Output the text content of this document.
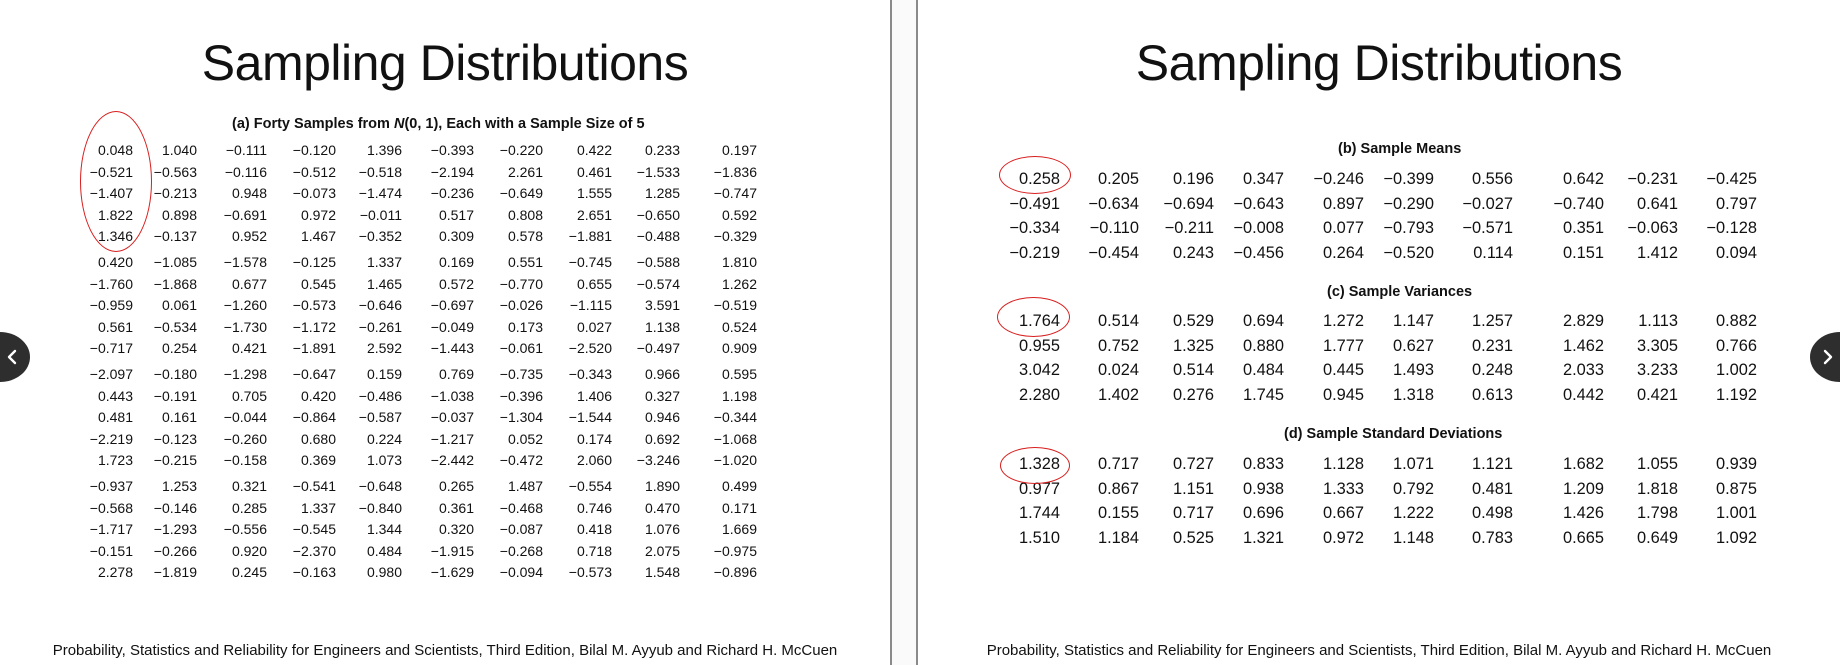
Sampling Distributions
(a) Forty Samples from N(0, 1), Each with a Sample Size of 5
0.048	1.040	−0.111	−0.120	1.396	−0.393	−0.220	0.422	0.233	0.197
−0.521	−0.563	−0.116	−0.512	−0.518	−2.194	2.261	0.461	−1.533	−1.836
−1.407	−0.213	0.948	−0.073	−1.474	−0.236	−0.649	1.555	1.285	−0.747
1.822	0.898	−0.691	0.972	−0.011	0.517	0.808	2.651	−0.650	0.592
1.346	−0.137	0.952	1.467	−0.352	0.309	0.578	−1.881	−0.488	−0.329
0.420	−1.085	−1.578	−0.125	1.337	0.169	0.551	−0.745	−0.588	1.810
−1.760	−1.868	0.677	0.545	1.465	0.572	−0.770	0.655	−0.574	1.262
−0.959	0.061	−1.260	−0.573	−0.646	−0.697	−0.026	−1.115	3.591	−0.519
0.561	−0.534	−1.730	−1.172	−0.261	−0.049	0.173	0.027	1.138	0.524
−0.717	0.254	0.421	−1.891	2.592	−1.443	−0.061	−2.520	−0.497	0.909
−2.097	−0.180	−1.298	−0.647	0.159	0.769	−0.735	−0.343	0.966	0.595
0.443	−0.191	0.705	0.420	−0.486	−1.038	−0.396	1.406	0.327	1.198
0.481	0.161	−0.044	−0.864	−0.587	−0.037	−1.304	−1.544	0.946	−0.344
−2.219	−0.123	−0.260	0.680	0.224	−1.217	0.052	0.174	0.692	−1.068
1.723	−0.215	−0.158	0.369	1.073	−2.442	−0.472	2.060	−3.246	−1.020
−0.937	1.253	0.321	−0.541	−0.648	0.265	1.487	−0.554	1.890	0.499
−0.568	−0.146	0.285	1.337	−0.840	0.361	−0.468	0.746	0.470	0.171
−1.717	−1.293	−0.556	−0.545	1.344	0.320	−0.087	0.418	1.076	1.669
−0.151	−0.266	0.920	−2.370	0.484	−1.915	−0.268	0.718	2.075	−0.975
2.278	−1.819	0.245	−0.163	0.980	−1.629	−0.094	−0.573	1.548	−0.896
Probability, Statistics and Reliability for Engineers and Scientists, Third Edition, Bilal M. Ayyub and Richard H. McCuen
Sampling Distributions
(b) Sample Means
0.258	0.205	0.196	0.347	−0.246	−0.399	0.556	0.642	−0.231	−0.425
−0.491	−0.634	−0.694	−0.643	0.897	−0.290	−0.027	−0.740	0.641	0.797
−0.334	−0.110	−0.211	−0.008	0.077	−0.793	−0.571	0.351	−0.063	−0.128
−0.219	−0.454	0.243	−0.456	0.264	−0.520	0.114	0.151	1.412	0.094
(c) Sample Variances
1.764	0.514	0.529	0.694	1.272	1.147	1.257	2.829	1.113	0.882
0.955	0.752	1.325	0.880	1.777	0.627	0.231	1.462	3.305	0.766
3.042	0.024	0.514	0.484	0.445	1.493	0.248	2.033	3.233	1.002
2.280	1.402	0.276	1.745	0.945	1.318	0.613	0.442	0.421	1.192
(d) Sample Standard Deviations
1.328	0.717	0.727	0.833	1.128	1.071	1.121	1.682	1.055	0.939
0.977	0.867	1.151	0.938	1.333	0.792	0.481	1.209	1.818	0.875
1.744	0.155	0.717	0.696	0.667	1.222	0.498	1.426	1.798	1.001
1.510	1.184	0.525	1.321	0.972	1.148	0.783	0.665	0.649	1.092
Probability, Statistics and Reliability for Engineers and Scientists, Third Edition, Bilal M. Ayyub and Richard H. McCuen
